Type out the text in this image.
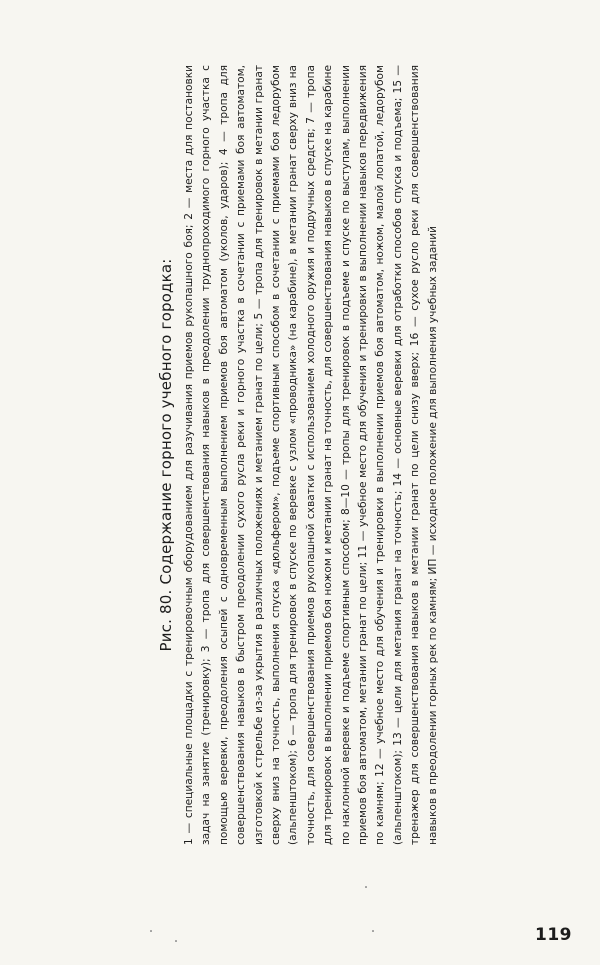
Рис. 80. Содержание горного учебного городка: 1 — специальные площадки с тренировочным оборудованием для разучивания приемов рукопашного боя; 2 — места для постановки задач на занятие (тренировку); 3 — тропа для совершенствования навыков в преодолении труднопроходимого горного участка с помощью веревки, преодоления осыпей с одновременным выполнением приемов боя автоматом (уколов, ударов); 4 — тропа для совершенствования навыков в быстром преодолении сухого русла реки и горного участка в сочетании с приемами боя автоматом, изготовкой к стрельбе из-за укрытия в различных положениях и метанием гранат по цели; 5 — тропа для тренировок в метании гранат сверху вниз на точность, выполнения спуска «дюльфером», подъеме спортивным способом в сочетании с приемами боя ледорубом (альпенштоком); 6 — тропа для тренировок в спуске по веревке с узлом «проводника» (на карабине), в метании гранат сверху вниз на точность, для совершенствования приемов рукопашной схватки с использованием холодного оружия и подручных средств; 7 — тропа для тренировок в выполнении приемов боя ножом и метании гранат на точность, для совершенствования навыков в спуске на карабине по наклонной веревке и подъеме спортивным способом; 8—10 — тропы для тренировок в подъеме и спуске по выступам, выполнении приемов боя автоматом, метании гранат по цели; 11 — учебное место для обучения и тренировки в выполнении навыков передвижения по камням; 12 — учебное место для обучения и тренировки в выполнении приемов боя автоматом, ножом, малой лопатой, ледорубом (альпенштоком); 13 — цели для метания гранат на точность; 14 — основные веревки для отработки способов спуска и подъема; 15 — тренажер для совершенствования навыков в метании гранат по цели снизу вверх; 16 — сухое русло реки для совершенствования навыков в преодолении горных рек по камням; ИП — исходное положение для выполнения учебных заданий

119
